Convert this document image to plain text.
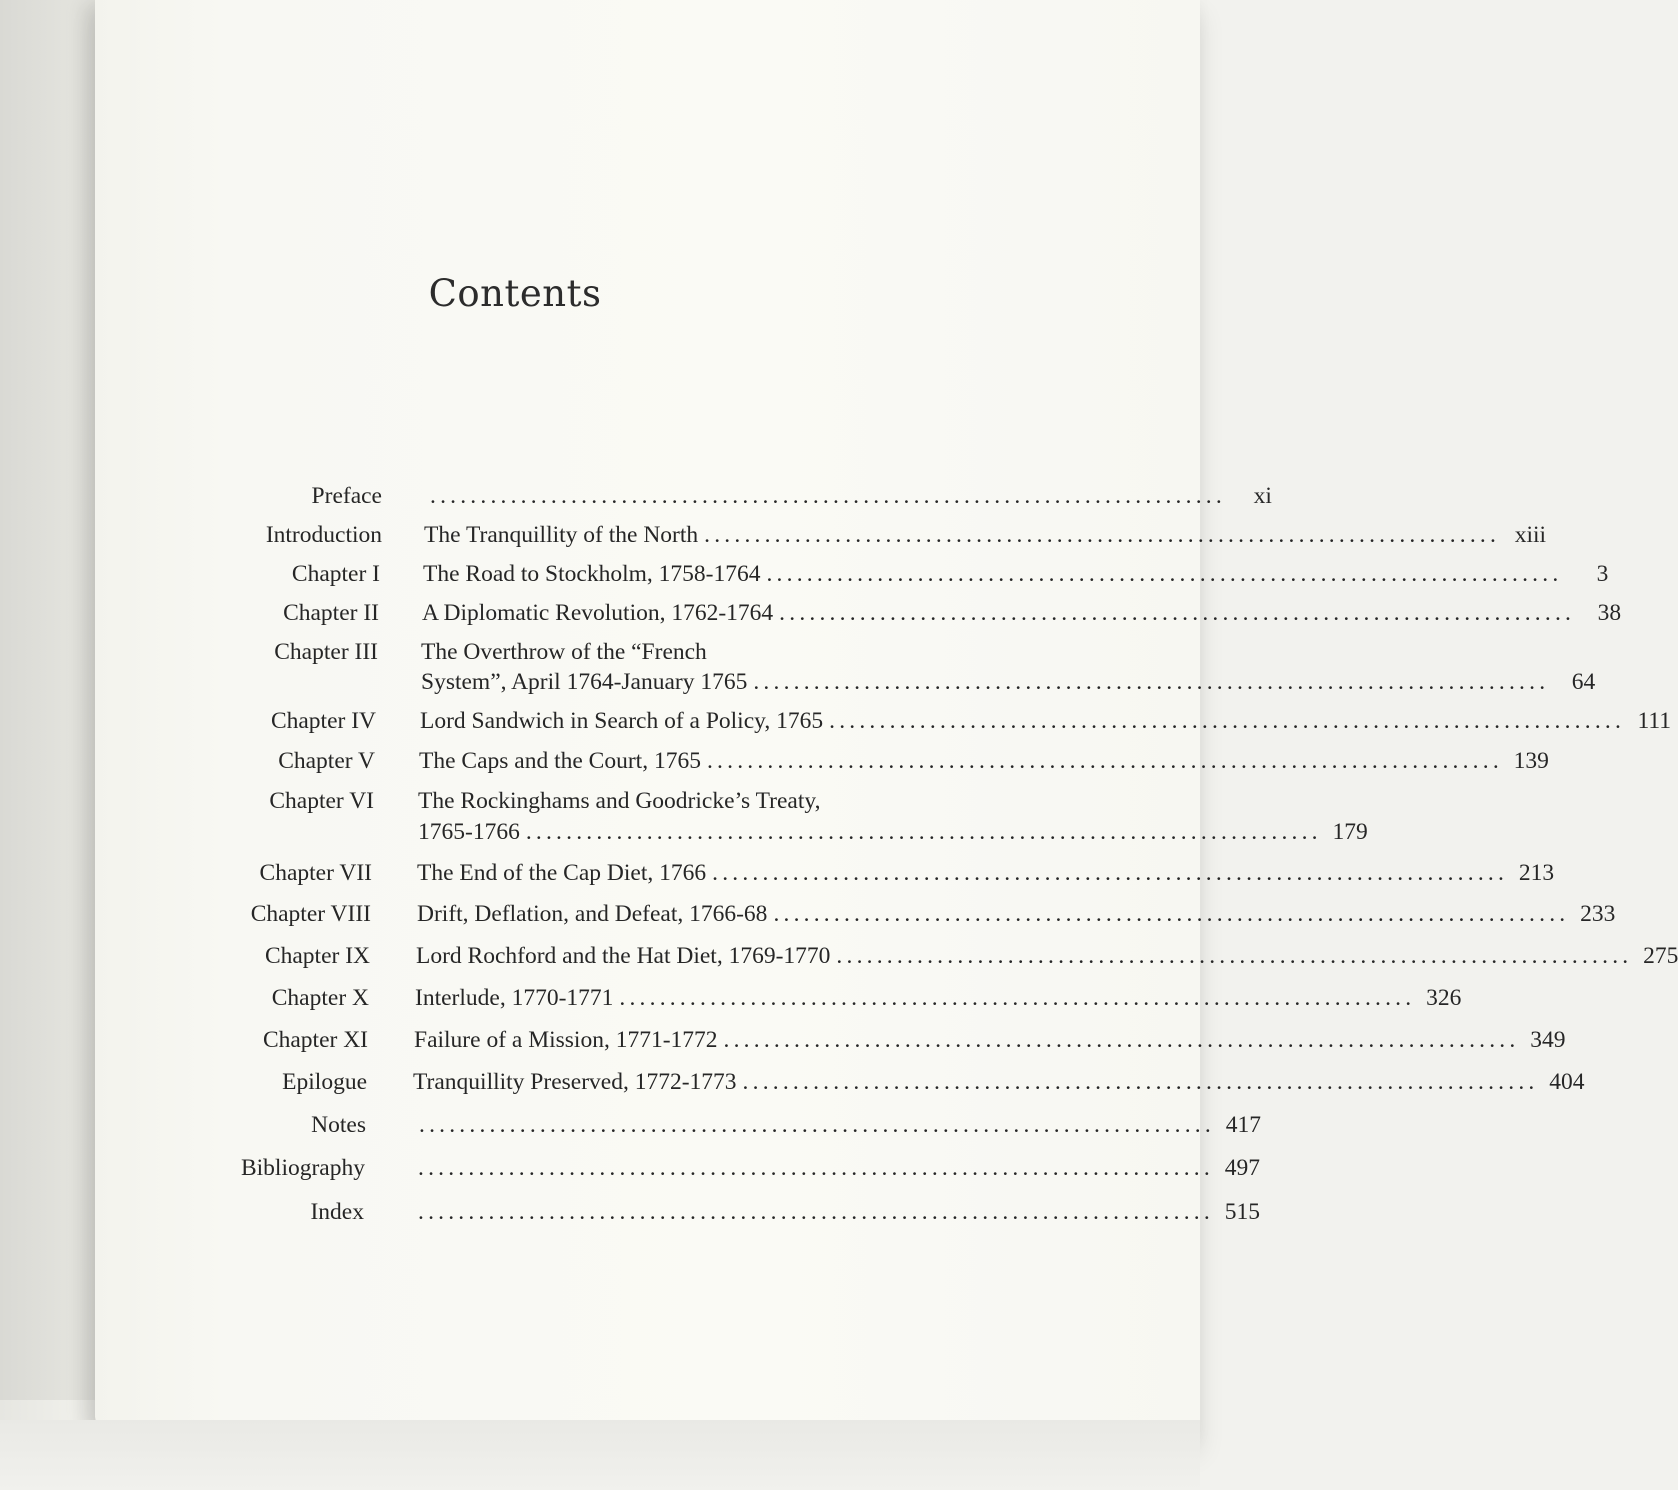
Contents
Preface ...............................................................................	xi
Introduction The Tranquillity of the North ............................................................................... xiii
Chapter I The Road to Stockholm, 1758-1764 ...............................................................................	3
Chapter II A Diplomatic Revolution, 1762-1764 ............................................................................... 38
Chapter III The Overthrow of the “French
System”, April 1764-January 1765 ............................................................................... 64
Chapter IV Lord Sandwich in Search of a Policy, 1765 ............................................................................... 111
Chapter V The Caps and the Court, 1765 ............................................................................... 139
Chapter VI The Rockinghams and Goodricke’s Treaty,
1765-1766 ............................................................................... 179
Chapter VII The End of the Cap Diet, 1766 ............................................................................... 213
Chapter VIII Drift, Deflation, and Defeat, 1766-68 ............................................................................... 233
Chapter IX Lord Rochford and the Hat Diet, 1769-1770 ............................................................................... 275
Chapter X Interlude, 1770-1771 ............................................................................... 326
Chapter XI Failure of a Mission, 1771-1772 ............................................................................... 349
Epilogue Tranquillity Preserved, 1772-1773 ............................................................................... 404
Notes ............................................................................... 417
Bibliography ............................................................................... 497
Index ............................................................................... 515
